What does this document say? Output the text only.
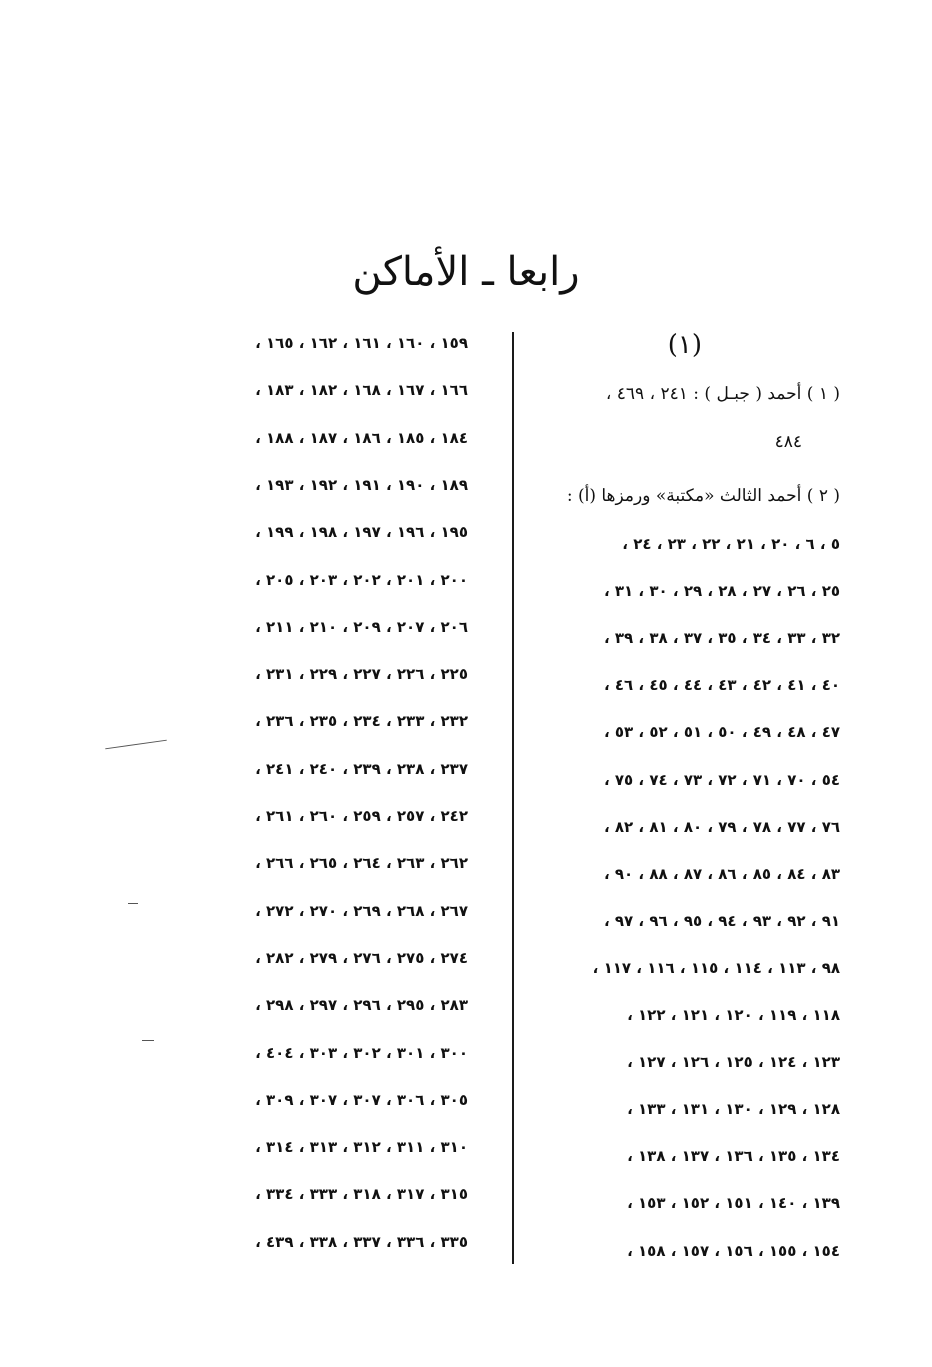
رابعا ـ الأماكن
(١)
( ١ ) أحمد ( جبـل ) : ٢٤١ ، ٤٦٩ ،
٤٨٤
( ٢ ) أحمد الثالث «مكتبة» ورمزها (أ) :
٥ ، ٦ ، ٢٠ ، ٢١ ، ٢٢ ، ٢٣ ، ٢٤ ،
٢٥ ، ٢٦ ، ٢٧ ، ٢٨ ، ٢٩ ، ٣٠ ، ٣١ ،
٣٢ ، ٣٣ ، ٣٤ ، ٣٥ ، ٣٧ ، ٣٨ ، ٣٩ ،
٤٠ ، ٤١ ، ٤٢ ، ٤٣ ، ٤٤ ، ٤٥ ، ٤٦ ،
٤٧ ، ٤٨ ، ٤٩ ، ٥٠ ، ٥١ ، ٥٢ ، ٥٣ ،
٥٤ ، ٧٠ ، ٧١ ، ٧٢ ، ٧٣ ، ٧٤ ، ٧٥ ،
٧٦ ، ٧٧ ، ٧٨ ، ٧٩ ، ٨٠ ، ٨١ ، ٨٢ ،
٨٣ ، ٨٤ ، ٨٥ ، ٨٦ ، ٨٧ ، ٨٨ ، ٩٠ ،
٩١ ، ٩٢ ، ٩٣ ، ٩٤ ، ٩٥ ، ٩٦ ، ٩٧ ،
٩٨ ، ١١٣ ، ١١٤ ، ١١٥ ، ١١٦ ، ١١٧ ،
١١٨ ، ١١٩ ، ١٢٠ ، ١٢١ ، ١٢٢ ،
١٢٣ ، ١٢٤ ، ١٢٥ ، ١٢٦ ، ١٢٧ ،
١٢٨ ، ١٢٩ ، ١٣٠ ، ١٣١ ، ١٣٣ ،
١٣٤ ، ١٣٥ ، ١٣٦ ، ١٣٧ ، ١٣٨ ،
١٣٩ ، ١٤٠ ، ١٥١ ، ١٥٢ ، ١٥٣ ،
١٥٤ ، ١٥٥ ، ١٥٦ ، ١٥٧ ، ١٥٨ ،
١٥٩ ، ١٦٠ ، ١٦١ ، ١٦٢ ، ١٦٥ ،
١٦٦ ، ١٦٧ ، ١٦٨ ، ١٨٢ ، ١٨٣ ،
١٨٤ ، ١٨٥ ، ١٨٦ ، ١٨٧ ، ١٨٨ ،
١٨٩ ، ١٩٠ ، ١٩١ ، ١٩٢ ، ١٩٣ ،
١٩٥ ، ١٩٦ ، ١٩٧ ، ١٩٨ ، ١٩٩ ،
٢٠٠ ، ٢٠١ ، ٢٠٢ ، ٢٠٣ ، ٢٠٥ ،
٢٠٦ ، ٢٠٧ ، ٢٠٩ ، ٢١٠ ، ٢١١ ،
٢٢٥ ، ٢٢٦ ، ٢٢٧ ، ٢٢٩ ، ٢٣١ ،
٢٣٢ ، ٢٣٣ ، ٢٣٤ ، ٢٣٥ ، ٢٣٦ ،
٢٣٧ ، ٢٣٨ ، ٢٣٩ ، ٢٤٠ ، ٢٤١ ،
٢٤٢ ، ٢٥٧ ، ٢٥٩ ، ٢٦٠ ، ٢٦١ ،
٢٦٢ ، ٢٦٣ ، ٢٦٤ ، ٢٦٥ ، ٢٦٦ ،
٢٦٧ ، ٢٦٨ ، ٢٦٩ ، ٢٧٠ ، ٢٧٢ ،
٢٧٤ ، ٢٧٥ ، ٢٧٦ ، ٢٧٩ ، ٢٨٢ ،
٢٨٣ ، ٢٩٥ ، ٢٩٦ ، ٢٩٧ ، ٢٩٨ ،
٣٠٠ ، ٣٠١ ، ٣٠٢ ، ٣٠٣ ، ٤٠٤ ،
٣٠٥ ، ٣٠٦ ، ٣٠٧ ، ٣٠٧ ، ٣٠٩ ،
٣١٠ ، ٣١١ ، ٣١٢ ، ٣١٣ ، ٣١٤ ،
٣١٥ ، ٣١٧ ، ٣١٨ ، ٣٣٣ ، ٣٣٤ ،
٣٣٥ ، ٣٣٦ ، ٣٣٧ ، ٣٣٨ ، ٤٣٩ ،
